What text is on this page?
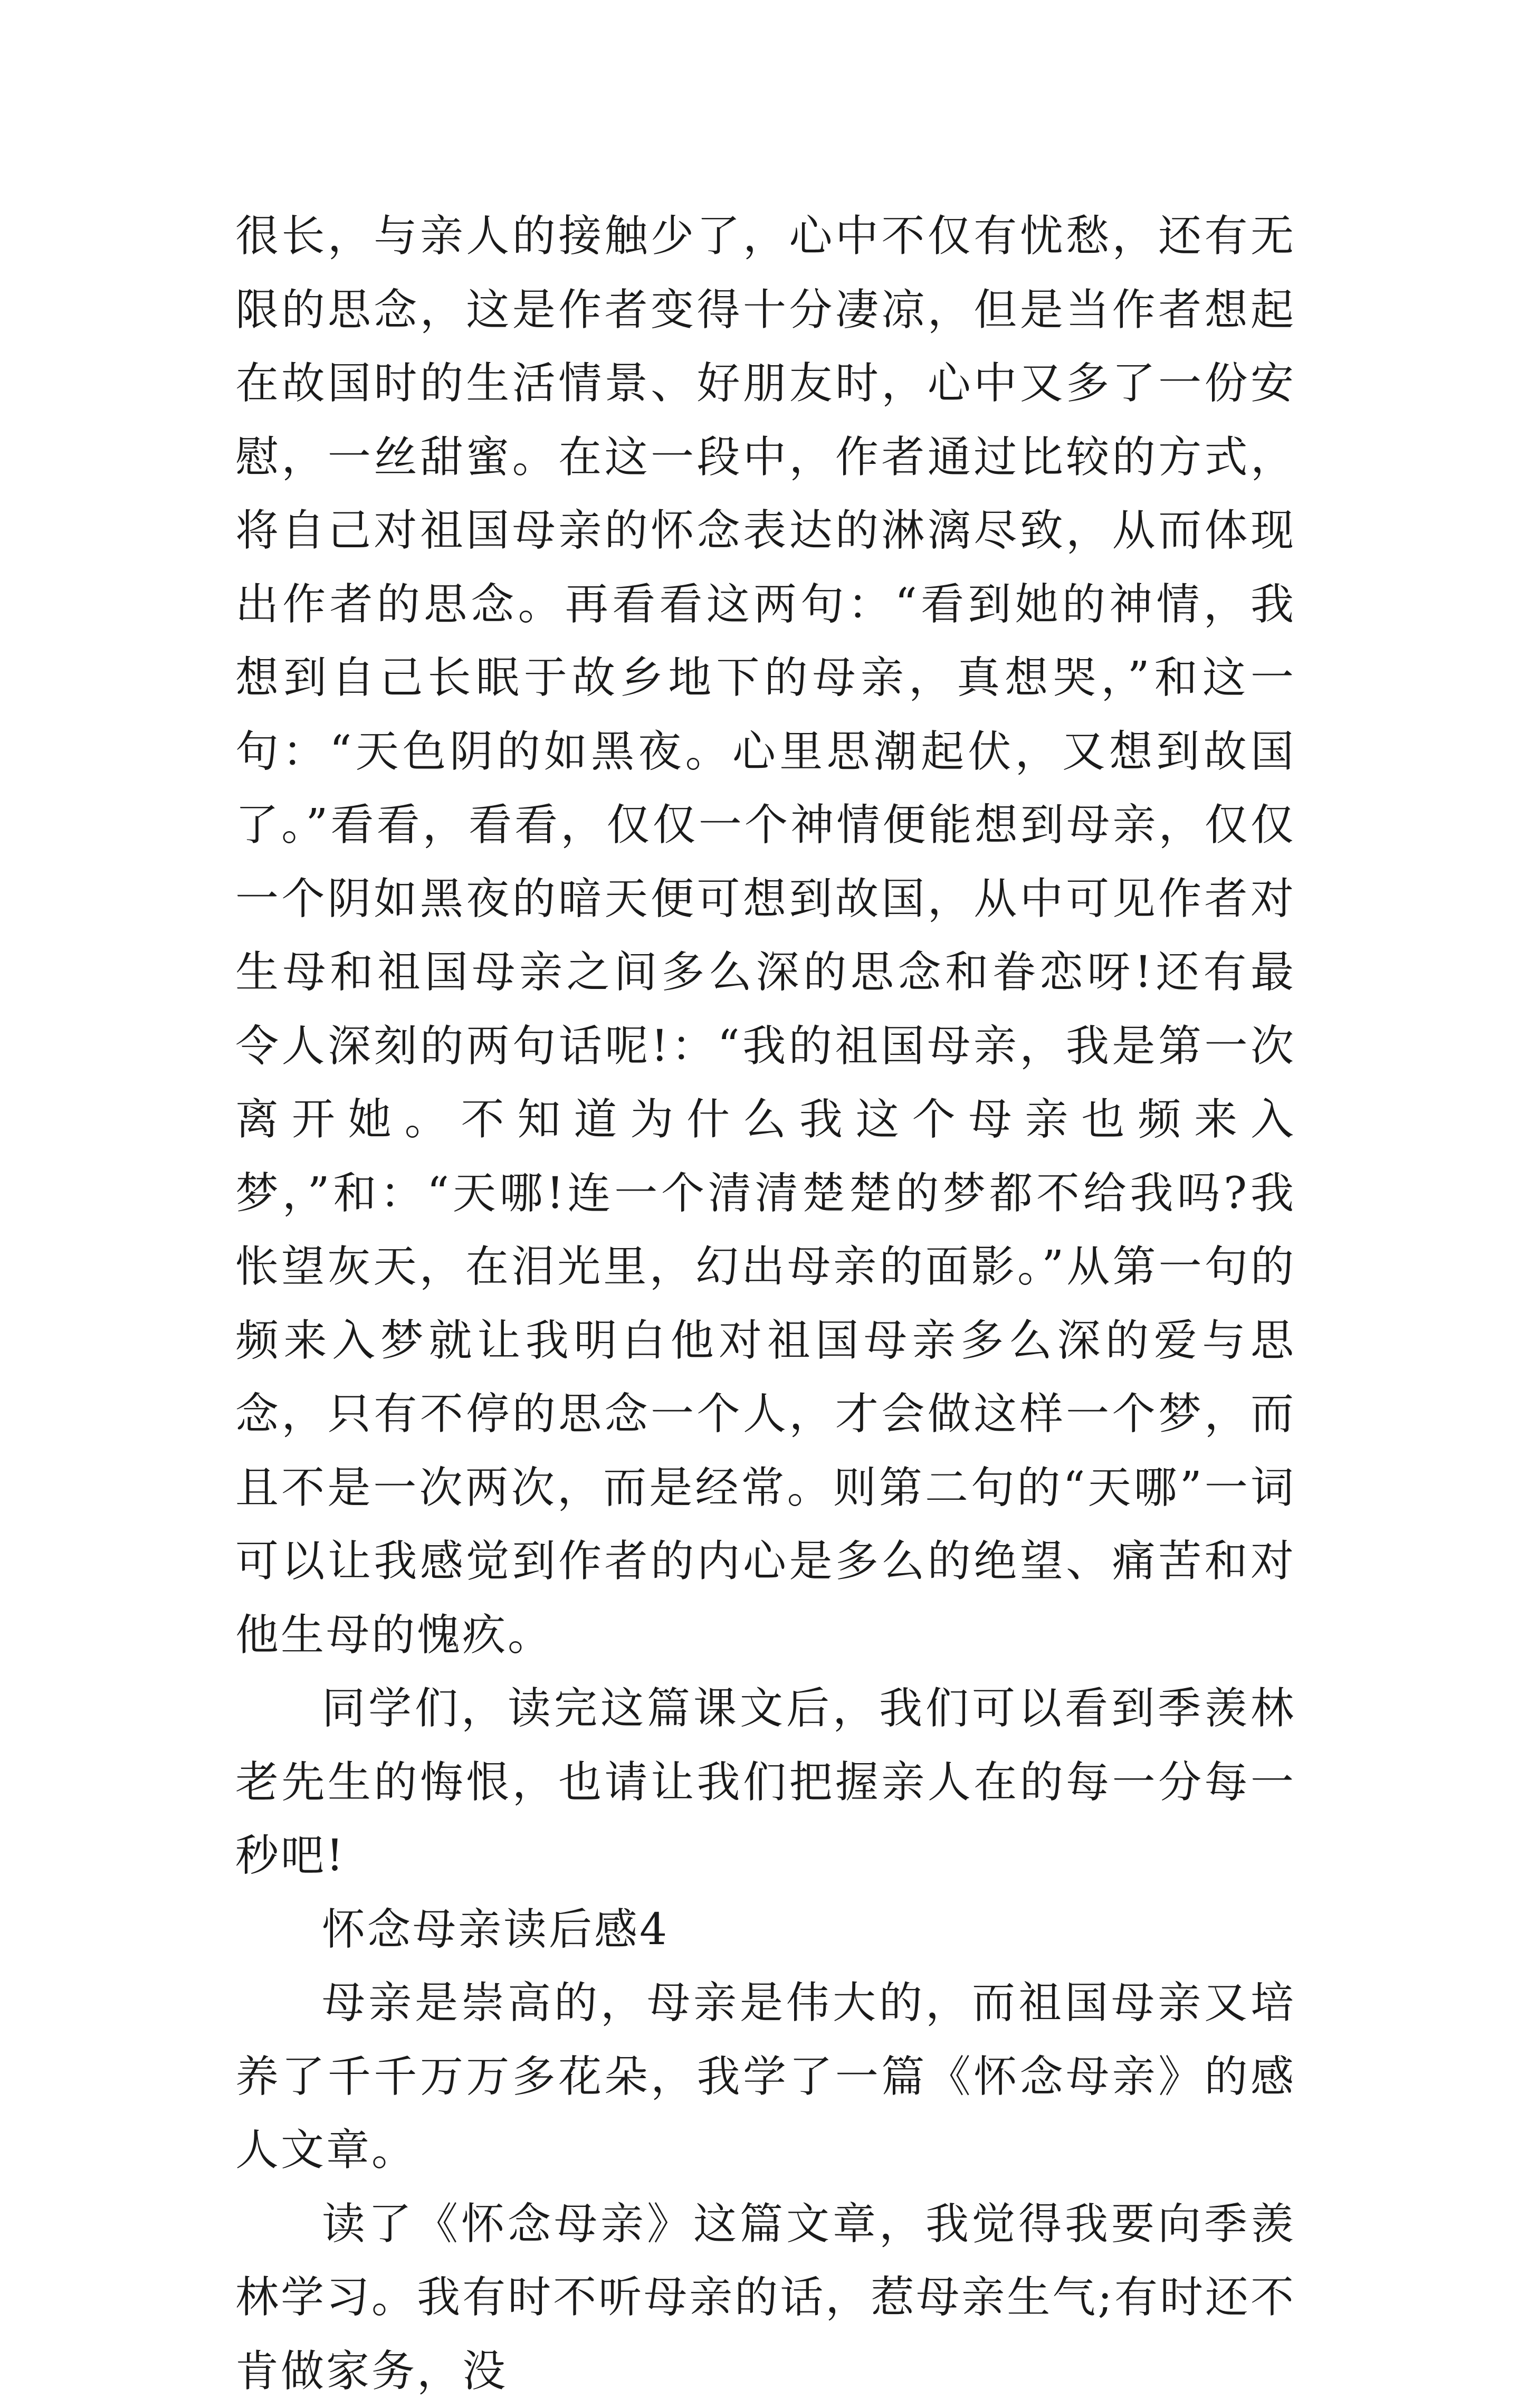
很长，与亲人的接触少了，心中不仅有忧愁，还有无限的思念，这是作者变得十分凄凉，但是当作者想起在故国时的生活情景、好朋友时，心中又多了一份安慰，一丝甜蜜。在这一段中，作者通过比较的方式，将自己对祖国母亲的怀念表达的淋漓尽致，从而体现出作者的思念。再看看这两句：“看到她的神情，我想到自己长眠于故乡地下的母亲，真想哭，”和这一句：“天色阴的如黑夜。心里思潮起伏，又想到故国了。”看看，看看，仅仅一个神情便能想到母亲，仅仅一个阴如黑夜的暗天便可想到故国，从中可见作者对生母和祖国母亲之间多么深的思念和眷恋呀!还有最令人深刻的两句话呢!：“我的祖国母亲，我是第一次离开她。不知道为什么我这个母亲也频来入梦，”和：“天哪!连一个清清楚楚的梦都不给我吗?我怅望灰天，在泪光里，幻出母亲的面影。”从第一句的频来入梦就让我明白他对祖国母亲多么深的爱与思念，只有不停的思念一个人，才会做这样一个梦，而且不是一次两次，而是经常。则第二句的“天哪”一词可以让我感觉到作者的内心是多么的绝望、痛苦和对他生母的愧疚。

同学们，读完这篇课文后，我们可以看到季羡林老先生的悔恨，也请让我们把握亲人在的每一分每一秒吧!

怀念母亲读后感4

母亲是崇高的，母亲是伟大的，而祖国母亲又培养了千千万万多花朵，我学了一篇《怀念母亲》的感人文章。

读了《怀念母亲》这篇文章，我觉得我要向季羡林学习。我有时不听母亲的话，惹母亲生气;有时还不肯做家务，没
